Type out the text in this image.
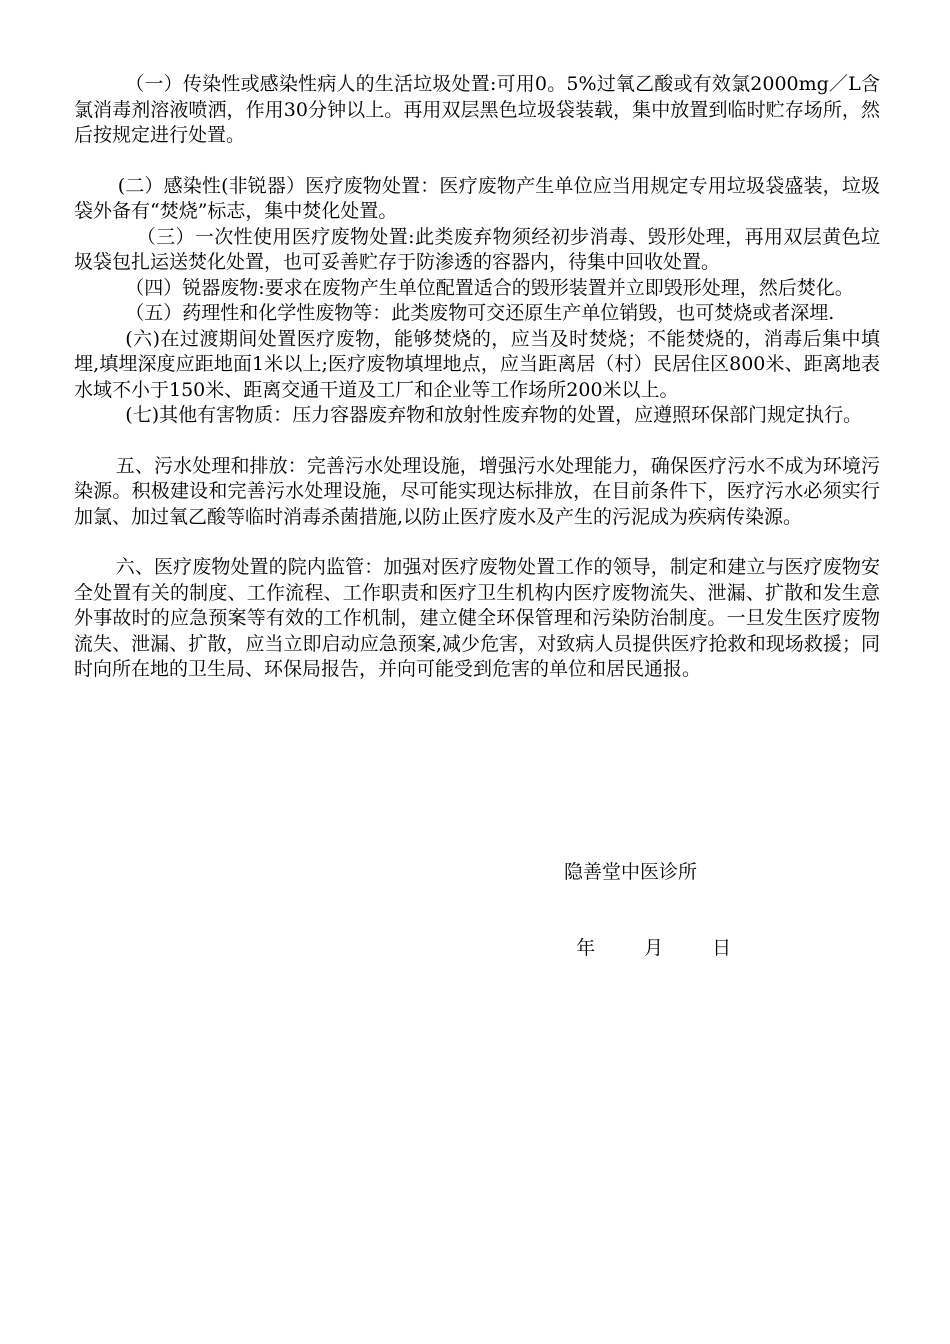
（一）传染性或感染性病人的生活垃圾处置:可用0。5%过氧乙酸或有效氯2000mg／L含氯消毒剂溶液喷洒，作用30分钟以上。再用双层黑色垃圾袋装载，集中放置到临时贮存场所，然后按规定进行处置。

(二）感染性(非锐器）医疗废物处置：医疗废物产生单位应当用规定专用垃圾袋盛装，垃圾袋外备有“焚烧”标志，集中焚化处置。

（三）一次性使用医疗废物处置:此类废弃物须经初步消毒、毁形处理，再用双层黄色垃圾袋包扎运送焚化处置，也可妥善贮存于防渗透的容器内，待集中回收处置。

（四）锐器废物:要求在废物产生单位配置适合的毁形装置并立即毁形处理，然后焚化。

（五）药理性和化学性废物等：此类废物可交还原生产单位销毁，也可焚烧或者深埋.

(六)在过渡期间处置医疗废物，能够焚烧的，应当及时焚烧；不能焚烧的，消毒后集中填埋,填埋深度应距地面1米以上;医疗废物填埋地点，应当距离居（村）民居住区800米、距离地表水域不小于150米、距离交通干道及工厂和企业等工作场所200米以上。

(七)其他有害物质：压力容器废弃物和放射性废弃物的处置，应遵照环保部门规定执行。

五、污水处理和排放：完善污水处理设施，增强污水处理能力，确保医疗污水不成为环境污染源。积极建设和完善污水处理设施，尽可能实现达标排放，在目前条件下，医疗污水必须实行加氯、加过氧乙酸等临时消毒杀菌措施,以防止医疗废水及产生的污泥成为疾病传染源。

六、医疗废物处置的院内监管：加强对医疗废物处置工作的领导，制定和建立与医疗废物安全处置有关的制度、工作流程、工作职责和医疗卫生机构内医疗废物流失、泄漏、扩散和发生意外事故时的应急预案等有效的工作机制，建立健全环保管理和污染防治制度。一旦发生医疗废物流失、泄漏、扩散，应当立即启动应急预案,减少危害，对致病人员提供医疗抢救和现场救援；同时向所在地的卫生局、环保局报告，并向可能受到危害的单位和居民通报。

隐善堂中医诊所

年	月	日
